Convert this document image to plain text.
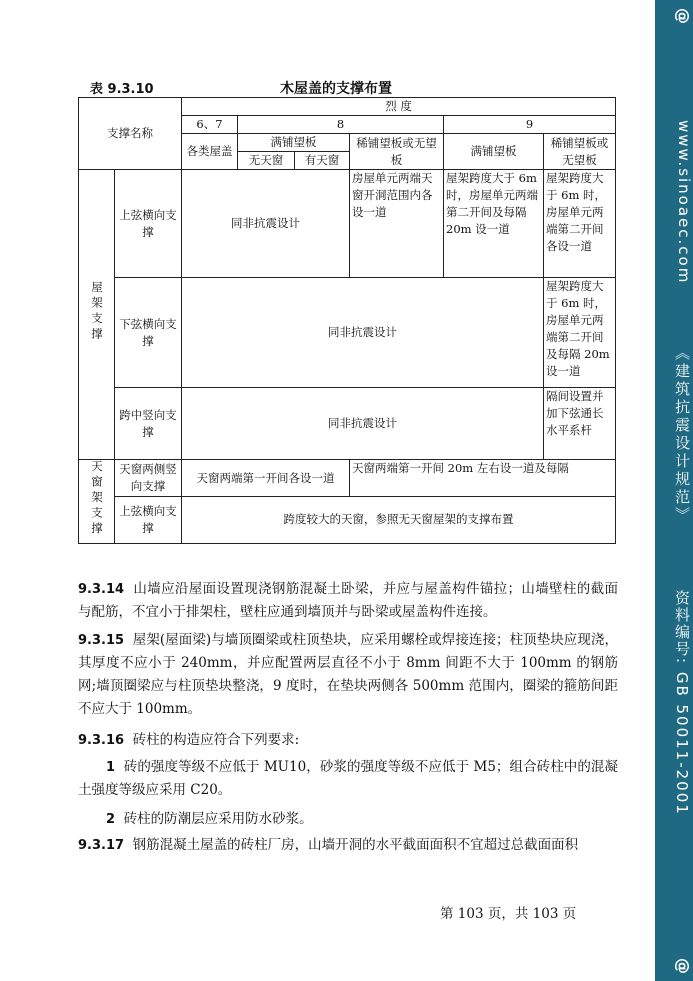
@
www.sinoaec.com
《建筑抗震设计规范》
资料编号: GB 50011-2001
@
表 9.3.10	木屋盖的支撑布置
支撑名称		烈 度					
		6、7	8			9	
		各类屋盖	满铺望板		稀铺望板或无望板	满铺望板	稀铺望板或无望板
			无天窗	有天窗			
屋架支撑	上弦横向支撑	同非抗震设计			房屋单元两端天窗开洞范围内各设一道	屋架跨度大于 6m 时，房屋单元两端第二开间及每隔 20m 设一道	屋架跨度大于 6m 时，房屋单元两端第二开间各设一道
	下弦横向支撑	同非抗震设计					屋架跨度大于 6m 时，房屋单元两端第二开间及每隔 20m 设一道
	跨中竖向支撑	同非抗震设计					隔间设置并加下弦通长水平系杆
天窗架支撑	天窗两侧竖向支撑	天窗两端第一开间各设一道			天窗两端第一开间 20m 左右设一道及每隔		
	上弦横向支撑	跨度较大的天窗，参照无天窗屋架的支撑布置					
9.3.14 山墙应沿屋面设置现浇钢筋混凝土卧梁，并应与屋盖构件锚拉；山墙壁柱的截面与配筋，不宜小于排架柱，壁柱应通到墙顶并与卧梁或屋盖构件连接。
9.3.15 屋架(屋面梁)与墙顶圈梁或柱顶垫块，应采用螺栓或焊接连接；柱顶垫块应现浇，其厚度不应小于 240mm，并应配置两层直径不小于 8mm 间距不大于 100mm 的钢筋网;墙顶圈梁应与柱顶垫块整浇，9 度时，在垫块两侧各 500mm 范围内，圈梁的箍筋间距不应大于 100mm。
9.3.16 砖柱的构造应符合下列要求:
1 砖的强度等级不应低于 MU10，砂浆的强度等级不应低于 M5；组合砖柱中的混凝土强度等级应采用 C20。
2 砖柱的防潮层应采用防水砂浆。
9.3.17 钢筋混凝土屋盖的砖柱厂房，山墙开洞的水平截面面积不宜超过总截面面积
第 103 页，共 103 页
